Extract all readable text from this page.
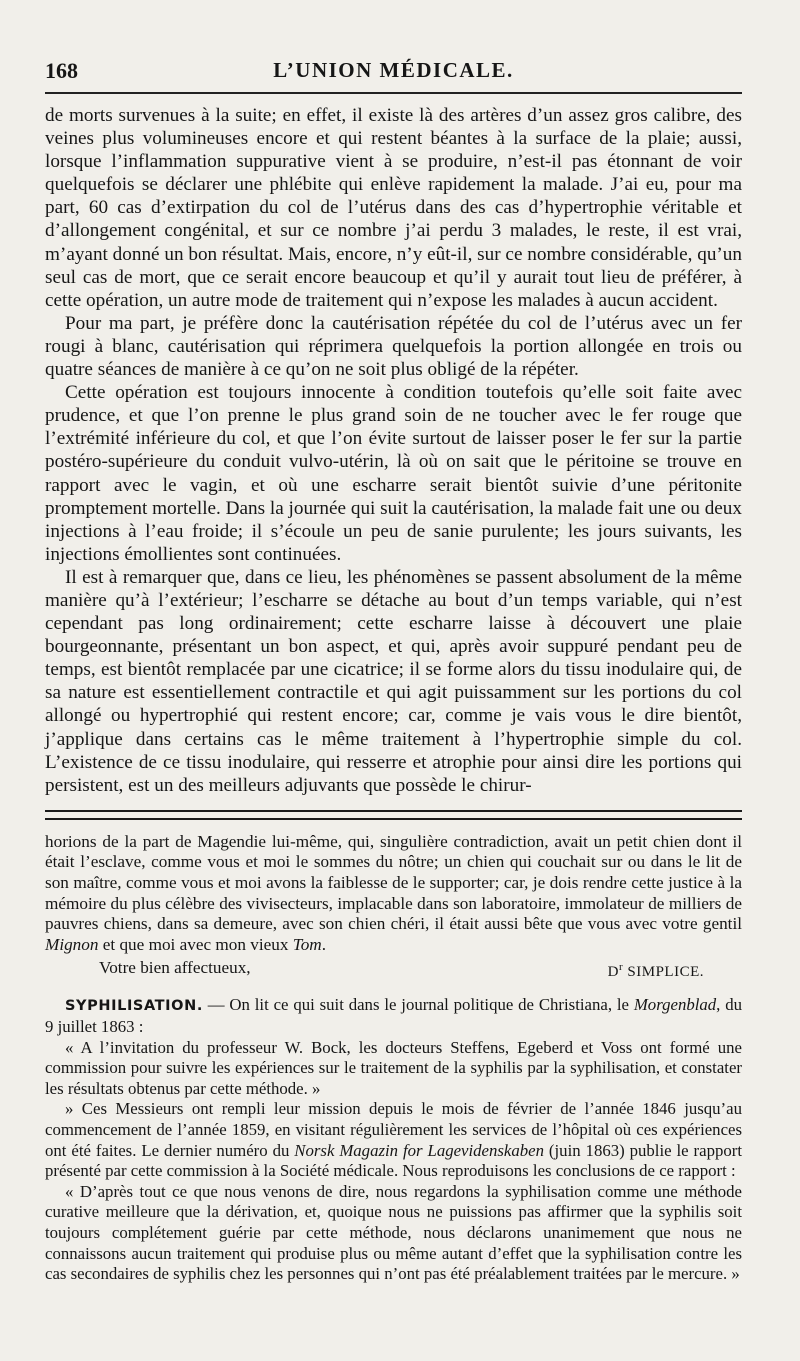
168	L’UNION MÉDICALE.

de morts survenues à la suite; en effet, il existe là des artères d’un assez gros calibre, des veines plus volumineuses encore et qui restent béantes à la surface de la plaie; aussi, lorsque l’inflammation suppurative vient à se produire, n’est-il pas étonnant de voir quelquefois se déclarer une phlébite qui enlève rapidement la malade. J’ai eu, pour ma part, 60 cas d’extirpation du col de l’utérus dans des cas d’hypertrophie véritable et d’allongement congénital, et sur ce nombre j’ai perdu 3 malades, le reste, il est vrai, m’ayant donné un bon résultat. Mais, encore, n’y eût-il, sur ce nombre considérable, qu’un seul cas de mort, que ce serait encore beaucoup et qu’il y aurait tout lieu de préférer, à cette opération, un autre mode de traitement qui n’expose les malades à aucun accident.

Pour ma part, je préfère donc la cautérisation répétée du col de l’utérus avec un fer rougi à blanc, cautérisation qui réprimera quelquefois la portion allongée en trois ou quatre séances de manière à ce qu’on ne soit plus obligé de la répéter.

Cette opération est toujours innocente à condition toutefois qu’elle soit faite avec prudence, et que l’on prenne le plus grand soin de ne toucher avec le fer rouge que l’extrémité inférieure du col, et que l’on évite surtout de laisser poser le fer sur la partie postéro-supérieure du conduit vulvo-utérin, là où on sait que le péritoine se trouve en rapport avec le vagin, et où une escharre serait bientôt suivie d’une péritonite promptement mortelle. Dans la journée qui suit la cautérisation, la malade fait une ou deux injections à l’eau froide; il s’écoule un peu de sanie purulente; les jours suivants, les injections émollientes sont continuées.

Il est à remarquer que, dans ce lieu, les phénomènes se passent absolument de la même manière qu’à l’extérieur; l’escharre se détache au bout d’un temps variable, qui n’est cependant pas long ordinairement; cette escharre laisse à découvert une plaie bourgeonnante, présentant un bon aspect, et qui, après avoir suppuré pendant peu de temps, est bientôt remplacée par une cicatrice; il se forme alors du tissu inodulaire qui, de sa nature est essentiellement contractile et qui agit puissamment sur les portions du col allongé ou hypertrophié qui restent encore; car, comme je vais vous le dire bientôt, j’applique dans certains cas le même traitement à l’hypertrophie simple du col. L’existence de ce tissu inodulaire, qui resserre et atrophie pour ainsi dire les portions qui persistent, est un des meilleurs adjuvants que possède le chirur-

horions de la part de Magendie lui-même, qui, singulière contradiction, avait un petit chien dont il était l’esclave, comme vous et moi le sommes du nôtre; un chien qui couchait sur ou dans le lit de son maître, comme vous et moi avons la faiblesse de le supporter; car, je dois rendre cette justice à la mémoire du plus célèbre des vivisecteurs, implacable dans son laboratoire, immolateur de milliers de pauvres chiens, dans sa demeure, avec son chien chéri, il était aussi bête que vous avec votre gentil Mignon et que moi avec mon vieux Tom.

Votre bien affectueux,	$D^r$ SIMPLICE.

SYPHILISATION. — On lit ce qui suit dans le journal politique de Christiana, le Morgenblad, du 9 juillet 1863 :

« A l’invitation du professeur W. Bock, les docteurs Steffens, Egeberd et Voss ont formé une commission pour suivre les expériences sur le traitement de la syphilis par la syphilisation, et constater les résultats obtenus par cette méthode. »

» Ces Messieurs ont rempli leur mission depuis le mois de février de l’année 1846 jusqu’au commencement de l’année 1859, en visitant régulièrement les services de l’hôpital où ces expériences ont été faites. Le dernier numéro du Norsk Magazin for Lagevidenskaben (juin 1863) publie le rapport présenté par cette commission à la Société médicale. Nous reproduisons les conclusions de ce rapport :

« D’après tout ce que nous venons de dire, nous regardons la syphilisation comme une méthode curative meilleure que la dérivation, et, quoique nous ne puissions pas affirmer que la syphilis soit toujours complétement guérie par cette méthode, nous déclarons unanimement que nous ne connaissons aucun traitement qui produise plus ou même autant d’effet que la syphilisation contre les cas secondaires de syphilis chez les personnes qui n’ont pas été préalablement traitées par le mercure. »
